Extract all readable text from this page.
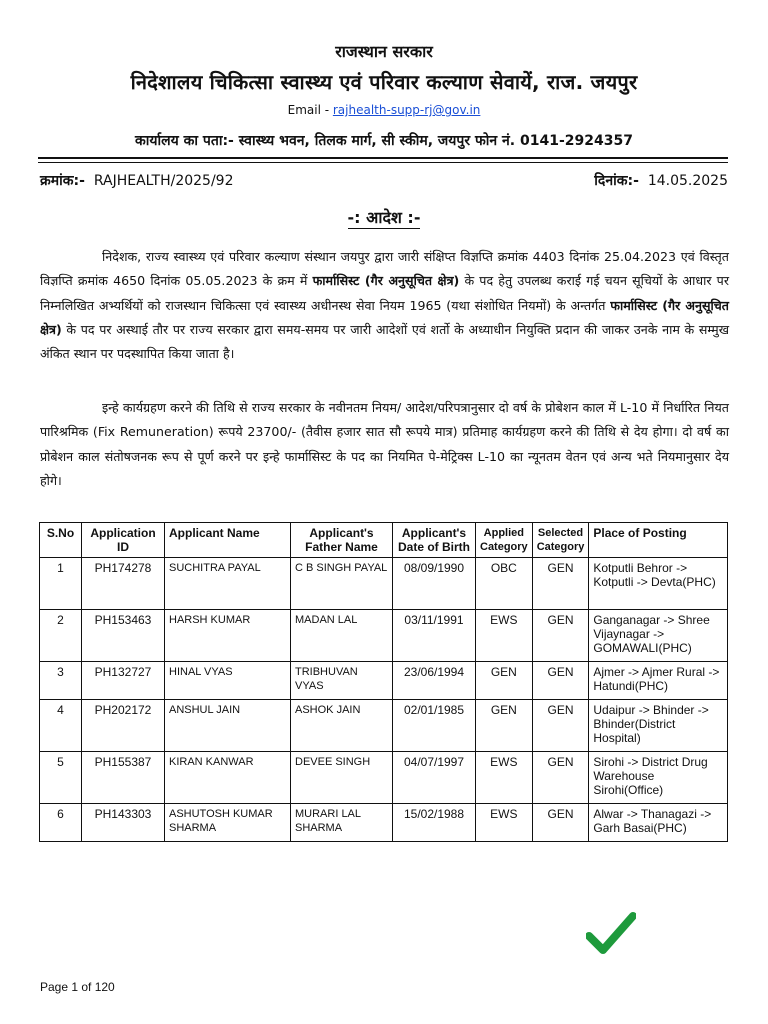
राजस्थान सरकार
निदेशालय चिकित्सा स्वास्थ्य एवं परिवार कल्याण सेवायें, राज. जयपुर
Email - rajhealth-supp-rj@gov.in
कार्यालय का पता:- स्वास्थ्य भवन, तिलक मार्ग, सी स्कीम, जयपुर फोन नं. 0141-2924357
क्रमांक:- RAJHEALTH/2025/92	दिनांक:- 14.05.2025
-: आदेश :-
निदेशक, राज्य स्वास्थ्य एवं परिवार कल्याण संस्थान जयपुर द्वारा जारी संक्षिप्त विज्ञप्ति क्रमांक 4403 दिनांक 25.04.2023 एवं विस्तृत विज्ञप्ति क्रमांक 4650 दिनांक 05.05.2023 के क्रम में फार्मासिस्ट (गैर अनुसूचित क्षेत्र) के पद हेतु उपलब्ध कराई गई चयन सूचियों के आधार पर निम्नलिखित अभ्यर्थियों को राजस्थान चिकित्सा एवं स्वास्थ्य अधीनस्थ सेवा नियम 1965 (यथा संशोधित नियमों) के अन्तर्गत फार्मासिस्ट (गैर अनुसूचित क्षेत्र) के पद पर अस्थाई तौर पर राज्य सरकार द्वारा समय-समय पर जारी आदेशों एवं शर्तो के अध्याधीन नियुक्ति प्रदान की जाकर उनके नाम के सम्मुख अंकित स्थान पर पदस्थापित किया जाता है।
इन्हे कार्यग्रहण करने की तिथि से राज्य सरकार के नवीनतम नियम/ आदेश/परिपत्रानुसार दो वर्ष के प्रोबेशन काल में L-10 में निर्धारित नियत पारिश्रमिक (Fix Remuneration) रूपये 23700/- (तैवीस हजार सात सौ रूपये मात्र) प्रतिमाह कार्यग्रहण करने की तिथि से देय होगा। दो वर्ष का प्रोबेशन काल संतोषजनक रूप से पूर्ण करने पर इन्हे फार्मासिस्ट के पद का नियमित पे-मेट्रिक्स L-10 का न्यूनतम वेतन एवं अन्य भते नियमानुसार देय होगे।
S.No	Application ID	Applicant Name	Applicant's Father Name	Applicant's Date of Birth	Applied Category	Selected Category	Place of Posting
1	PH174278	SUCHITRA PAYAL	C B SINGH PAYAL	08/09/1990	OBC	GEN	Kotputli Behror -> Kotputli -> Devta(PHC)
2	PH153463	HARSH KUMAR	MADAN LAL	03/11/1991	EWS	GEN	Ganganagar -> Shree Vijaynagar -> GOMAWALI(PHC)
3	PH132727	HINAL VYAS	TRIBHUVAN VYAS	23/06/1994	GEN	GEN	Ajmer -> Ajmer Rural -> Hatundi(PHC)
4	PH202172	ANSHUL JAIN	ASHOK JAIN	02/01/1985	GEN	GEN	Udaipur -> Bhinder -> Bhinder(District Hospital)
5	PH155387	KIRAN KANWAR	DEVEE SINGH	04/07/1997	EWS	GEN	Sirohi -> District Drug Warehouse Sirohi(Office)
6	PH143303	ASHUTOSH KUMAR SHARMA	MURARI LAL SHARMA	15/02/1988	EWS	GEN	Alwar -> Thanagazi -> Garh Basai(PHC)
Page 1 of 120
